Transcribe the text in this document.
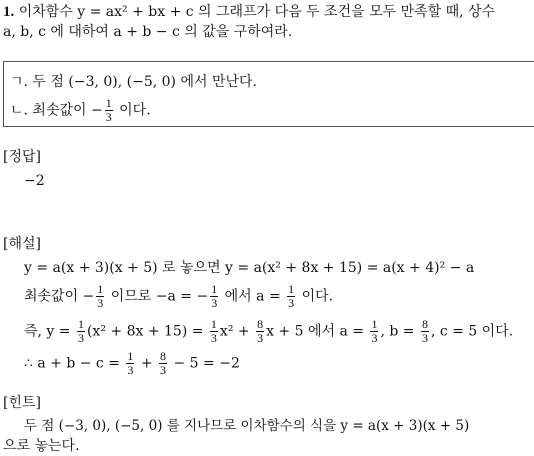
1. 이차함수 y = ax² + bx + c 의 그래프가 다음 두 조건을 모두 만족할 때, 상수
a, b, c 에 대하여 a + b − c 의 값을 구하여라.
ㄱ. 두 점 (−3, 0), (−5, 0) 에서 만난다.
ㄴ. 최솟값이 − $\frac{1}{3}$ 이다.
[정답]
−2
[해설]
y = a(x + 3)(x + 5) 로 놓으면 y = a(x² + 8x + 15) = a(x + 4)² − a
최솟값이 − $\frac{1}{3}$ 이므로 −a = − $\frac{1}{3}$ 에서 $a = \frac{1}{3}$ 이다.
즉, $y = \frac{1}{3} (x^2 + 8x + 15) = \frac{1}{3} x^2 + \frac{8}{3}$ x + 5 에서 $a = \frac{1}{3}$ , $b = \frac{8}{3}$ , c = 5 이다.
∴ $a + b - c = \frac{1}{3} + \frac{8}{3} - 5 = -2$
[힌트]
두 점 (−3, 0), (−5, 0) 를 지나므로 이차함수의 식을 y = a(x + 3)(x + 5)
으로 놓는다.
